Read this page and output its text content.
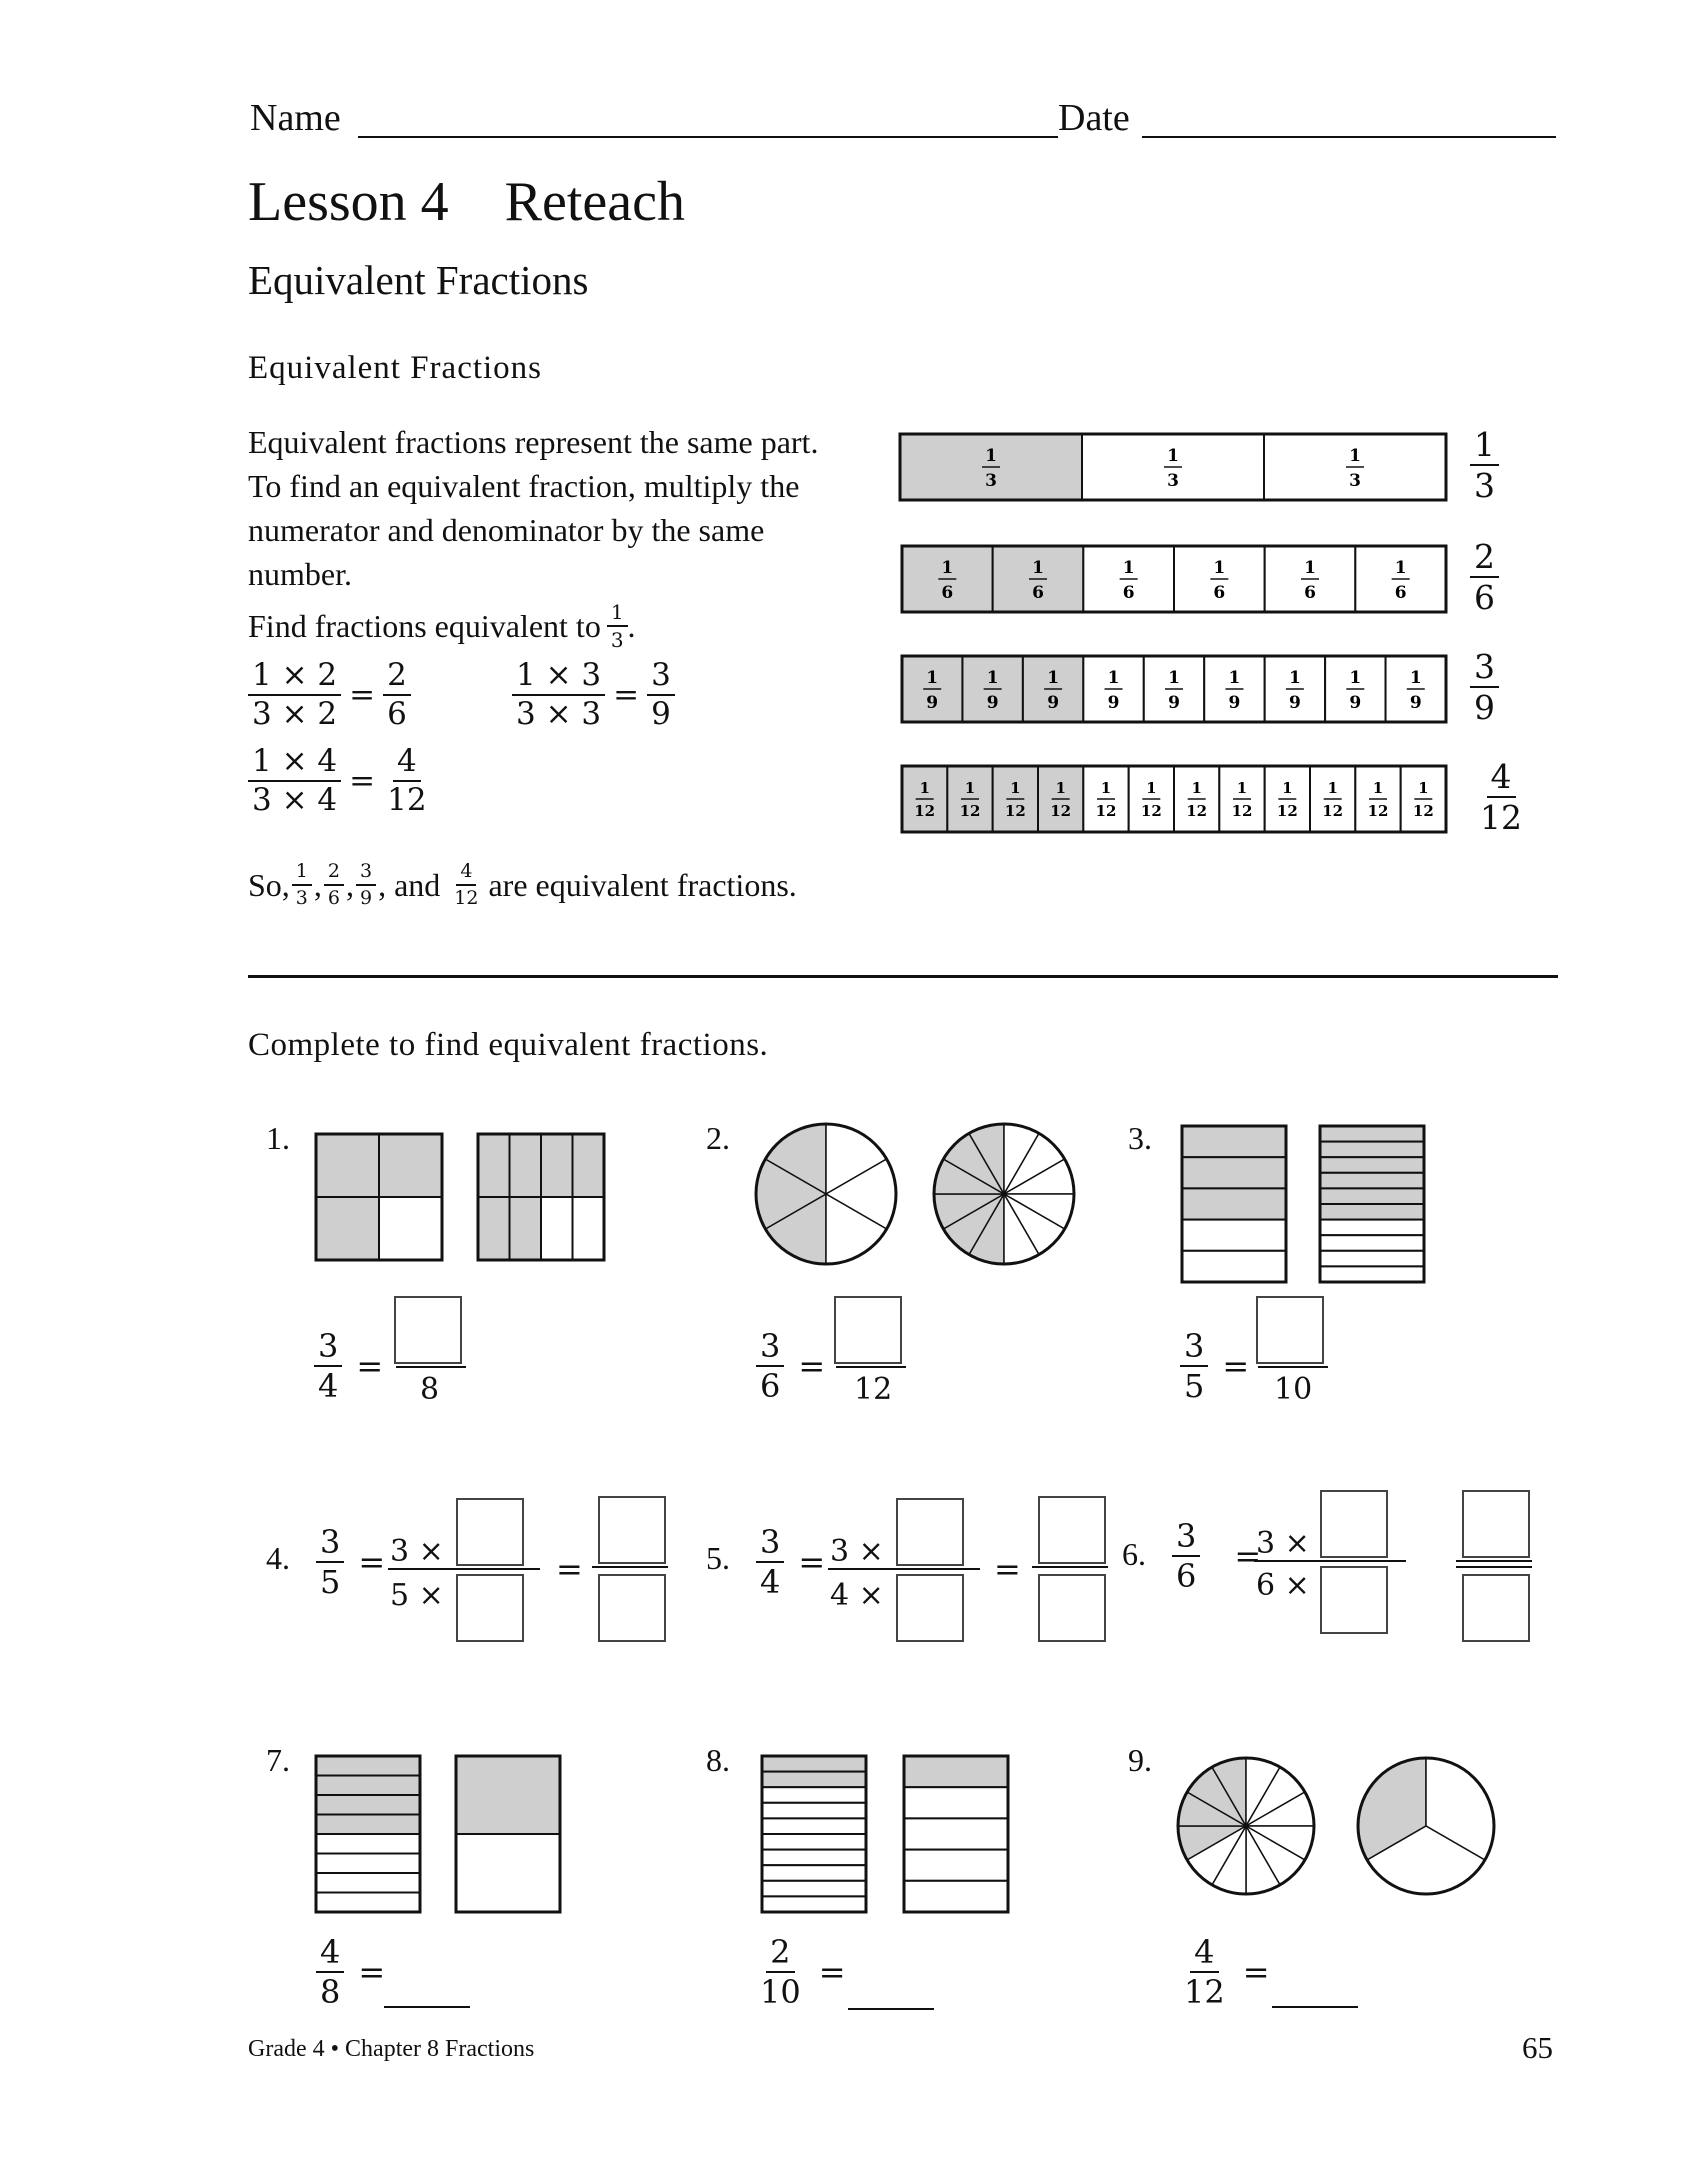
Name	Date
Lesson 4    Reteach
Equivalent Fractions
Equivalent Fractions
Equivalent fractions represent the same part.
To find an equivalent fraction, multiply the
numerator and denominator by the same
number.
Find fractions equivalent to $\frac{1}{3}$ .
$\frac{1 \times 2}{3 \times 2} = \frac{2}{6}$	$\frac{1 \times 3}{3 \times 3} = \frac{3}{9}$
$\frac{1 \times 4}{3 \times 4} = \frac{4}{12}$
So, $\frac{1}{3}$ , $\frac{2}{6}$ , $\frac{3}{9}$ , and $\frac{4}{12}$ are equivalent fractions.
1
3
1
3
1
3
1
6
1
6
1
6
1
6
1
6
1
6
1
9
1
9
1
9
1
9
1
9
1
9
1
9
1
9
1
9
1
12
1
12
1
12
1
12
1
12
1
12
1
12
1
12
1
12
1
12
1
12
1
12
$\frac{1}{3}$
$\frac{2}{6}$
$\frac{3}{9}$
$\frac{4}{12}$
Complete to find equivalent fractions.
1.	2.	3.
4.	5.	6.
7.	8.	9.
$\frac{3}{4}$ =
8	$\frac{3}{6}$ =
12	$\frac{3}{5}$ =
10
$\frac{3}{5} = 3$ ×
5 ×
=	$\frac{3}{4} = 3$ ×
4 ×
=	$\frac{3}{6}$ =
3 ×
6 ×
$\frac{4}{8}$ =	$\frac{2}{10}$ =	$\frac{4}{12}$ =
Grade 4 • Chapter 8 Fractions	65
